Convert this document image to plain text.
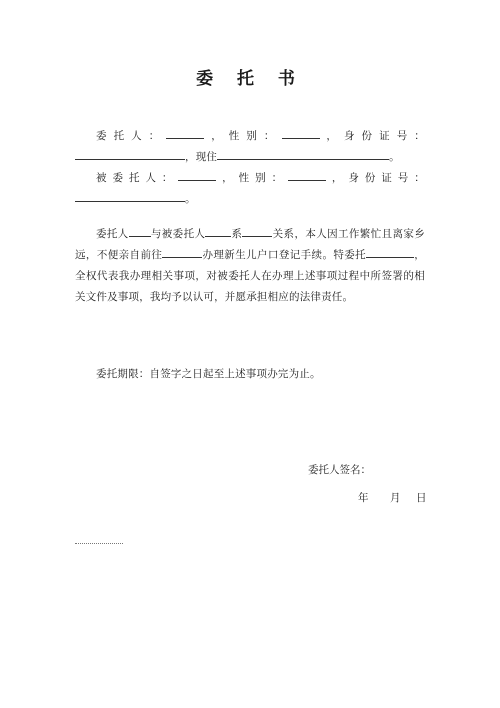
委 托 书

委托人：	，性别：	，身份证号：，现住	。

被委托人：	，性别：	，身份证号：。

委托人 与被委托人 系	关系，本人因工作繁忙且离家乡远，不便亲自前往	办理新生儿户口登记手续。特委托	，全权代表我办理相关事项，对被委托人在办理上述事项过程中所签署的相关文件及事项，我均予以认可，并愿承担相应的法律责任。

委托期限：自签字之日起至上述事项办完为止。

委托人签名：
年 月 日
